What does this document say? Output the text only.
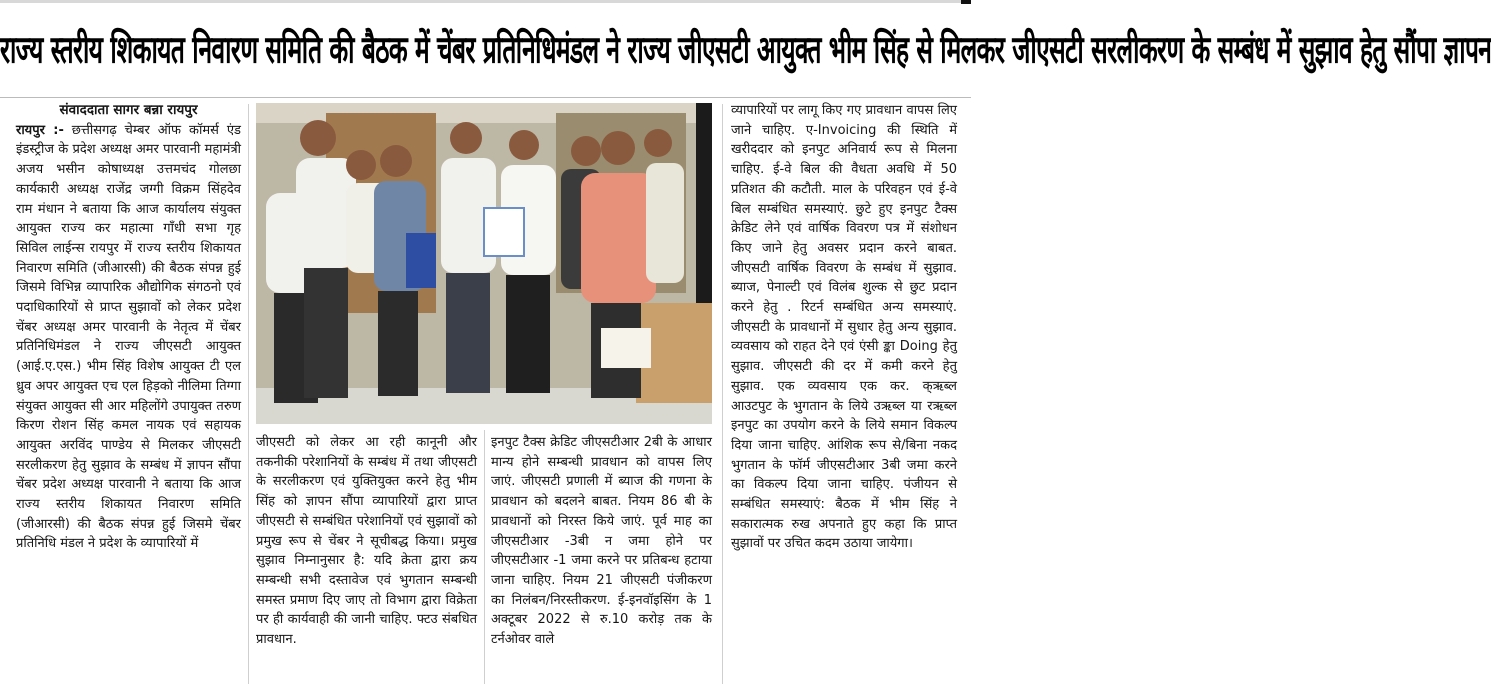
राज्य स्तरीय शिकायत निवारण समिति की बैठक में चेंबर प्रतिनिधिमंडल ने राज्य जीएसटी आयुक्त भीम सिंह से मिलकर जीएसटी सरलीकरण के सम्बंध में सुझाव हेतु सौंपा ज्ञापन
संवाददाता सागर बन्ना रायपुर

रायपुर :- छत्तीसगढ़ चेम्बर ऑफ कॉमर्स एंड इंडस्ट्रीज के प्रदेश अध्यक्ष अमर पारवानी महामंत्री अजय भसीन कोषाध्यक्ष उत्तमचंद गोलछा कार्यकारी अध्यक्ष राजेंद्र जग्गी विक्रम सिंहदेव राम मंधान ने बताया कि आज कार्यालय संयुक्त आयुक्त राज्य कर महात्मा गाँधी सभा गृह सिविल लाईन्स रायपुर में राज्य स्तरीय शिकायत निवारण समिति (जीआरसी) की बैठक संपन्न हुई जिसमे विभिन्न व्यापारिक औद्योगिक संगठनो एवं पदाधिकारियों से प्राप्त सुझावों को लेकर प्रदेश चेंबर अध्यक्ष अमर पारवानी के नेतृत्व में चेंबर प्रतिनिधिमंडल ने राज्य जीएसटी आयुक्त (आई.ए.एस.) भीम सिंह विशेष आयुक्त टी एल ध्रुव अपर आयुक्त एच एल हिड़को नीलिमा तिग्गा संयुक्त आयुक्त सी आर महिलोंगे उपायुक्त तरुण किरण रोशन सिंह कमल नायक एवं सहायक आयुक्त अरविंद पाण्डेय से मिलकर जीएसटी सरलीकरण हेतु सुझाव के सम्बंध में ज्ञापन सौंपा चेंबर प्रदेश अध्यक्ष पारवानी ने बताया कि आज राज्य स्तरीय शिकायत निवारण समिति (जीआरसी) की बैठक संपन्न हुई जिसमे चेंबर प्रतिनिधि मंडल ने प्रदेश के व्यापारियों में

जीएसटी को लेकर आ रही कानूनी और तकनीकी परेशानियों के सम्बंध में तथा जीएसटी के सरलीकरण एवं युक्तियुक्त करने हेतु भीम सिंह को ज्ञापन सौंपा व्यापारियों द्वारा प्राप्त जीएसटी से सम्बंधित परेशानियों एवं सुझावों को प्रमुख रूप से चेंबर ने सूचीबद्ध किया। प्रमुख सुझाव निम्नानुसार है: यदि क्रेता द्वारा क्रय सम्बन्धी सभी दस्तावेज एवं भुगतान सम्बन्धी समस्त प्रमाण दिए जाए तो विभाग द्वारा विक्रेता पर ही कार्यवाही की जानी चाहिए. फ्टउ संबधित प्रावधान.

इनपुट टैक्स क्रेडिट जीएसटीआर 2बी के आधार मान्य होने सम्बन्धी प्रावधान को वापस लिए जाएं. जीएसटी प्रणाली में ब्याज की गणना के प्रावधान को बदलने बाबत. नियम 86 बी के प्रावधानों को निरस्त किये जाएं. पूर्व माह का जीएसटीआर -3बी न जमा होने पर जीएसटीआर -1 जमा करने पर प्रतिबन्ध हटाया जाना चाहिए. नियम 21 जीएसटी पंजीकरण का निलंबन/निरस्तीकरण. ई-इनवॉइसिंग के 1 अक्टूबर 2022 से रु.10 करोड़ तक के टर्नओवर वाले

व्यापारियों पर लागू किए गए प्रावधान वापस लिए जाने चाहिए. ए-Invoicing की स्थिति में खरीददार को इनपुट अनिवार्य रूप से मिलना चाहिए. ई-वे बिल की वैधता अवधि में 50 प्रतिशत की कटौती. माल के परिवहन एवं ई-वे बिल सम्बंधित समस्याएं. छुटे हुए इनपुट टैक्स क्रेडिट लेने एवं वार्षिक विवरण पत्र में संशोधन किए जाने हेतु अवसर प्रदान करने बाबत. जीएसटी वार्षिक विवरण के सम्बंध में सुझाव. ब्याज, पेनाल्टी एवं विलंब शुल्क से छुट प्रदान करने हेतु . रिटर्न सम्बंधित अन्य समस्याएं. जीएसटी के प्रावधानों में सुधार हेतु अन्य सुझाव. व्यवसाय को राहत देने एवं एंसी ङ्का Doing हेतु सुझाव. जीएसटी की दर में कमी करने हेतु सुझाव. एक व्यवसाय एक कर. क्ऋब्ल आउटपुट के भुगतान के लिये उऋब्ल या रऋब्ल इनपुट का उपयोग करने के लिये समान विकल्प दिया जाना चाहिए. आंशिक रूप से/बिना नकद भुगतान के फॉर्म जीएसटीआर 3बी जमा करने का विकल्प दिया जाना चाहिए. पंजीयन से सम्बंधित समस्याएं: बैठक में भीम सिंह ने सकारात्मक रुख अपनाते हुए कहा कि प्राप्त सुझावों पर उचित कदम उठाया जायेगा।
